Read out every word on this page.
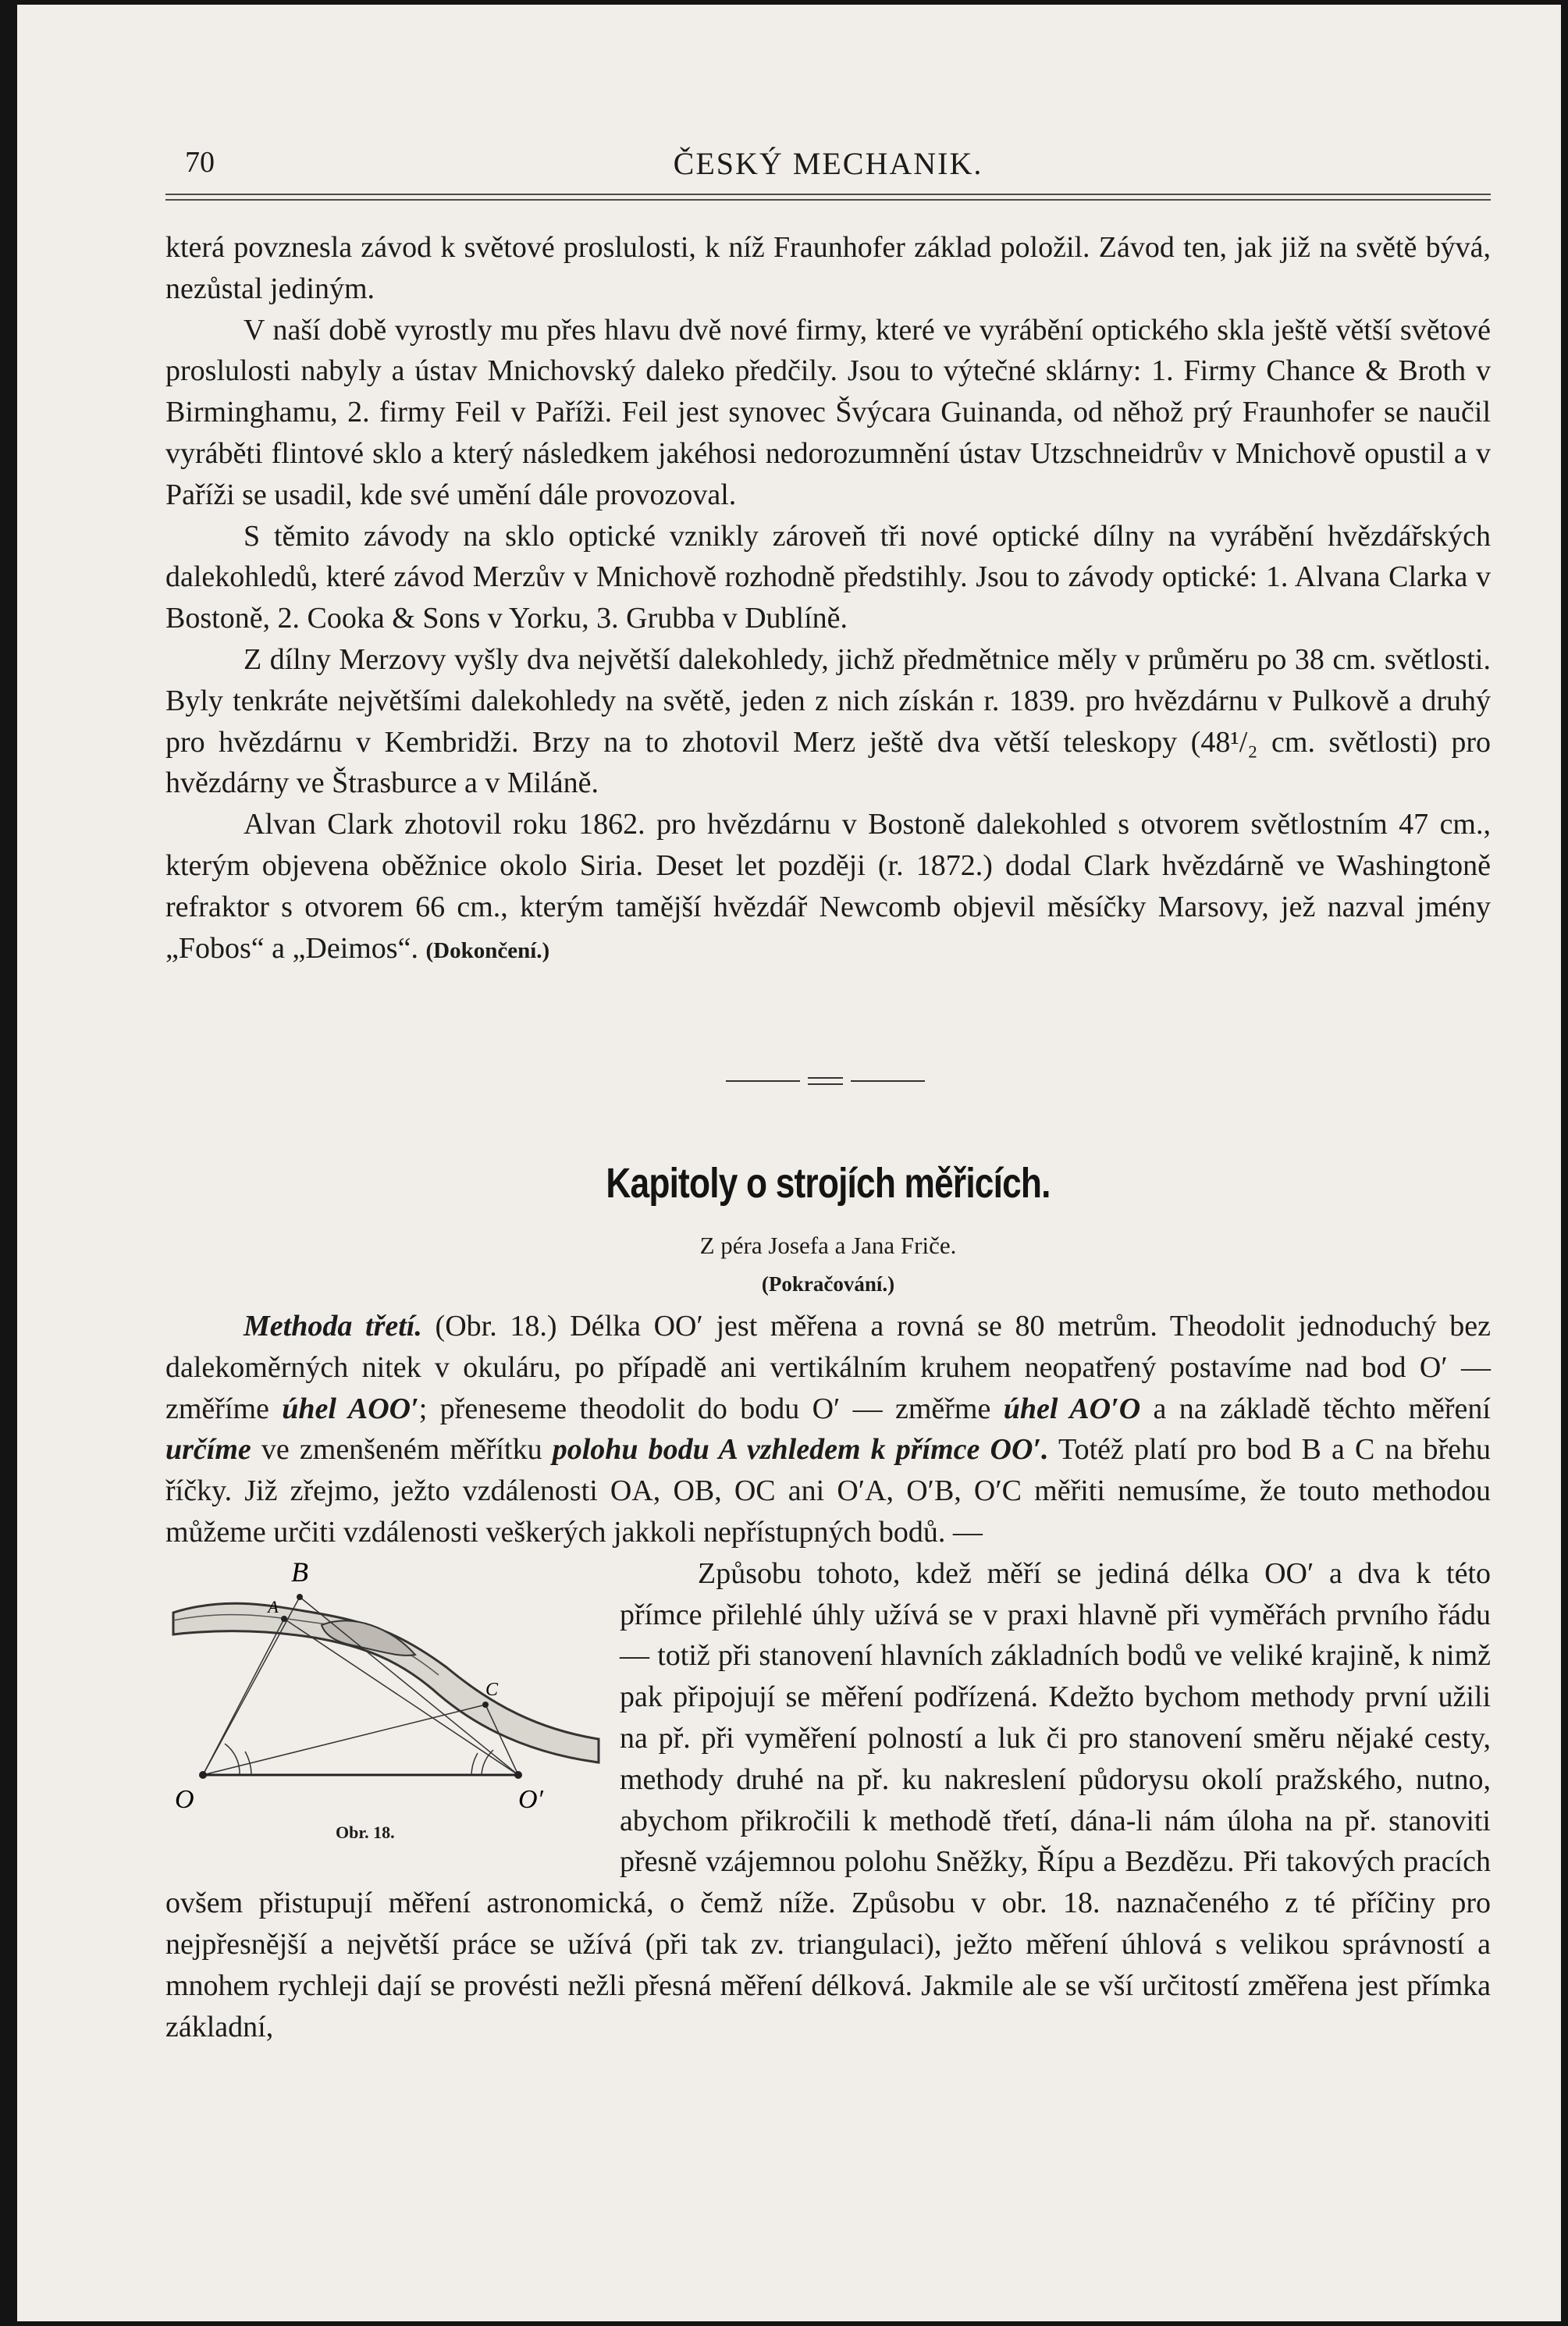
70	ČESKÝ MECHANIK.

která povznesla závod k světové proslulosti, k níž Fraunhofer základ položil. Závod ten, jak již na světě bývá, nezůstal jediným.

V naší době vyrostly mu přes hlavu dvě nové firmy, které ve vyrábění optického skla ještě větší světové proslulosti nabyly a ústav Mnichovský daleko předčily. Jsou to výtečné sklárny: 1. Firmy Chance & Broth v Birminghamu, 2. firmy Feil v Paříži. Feil jest synovec Švýcara Guinanda, od něhož prý Fraunhofer se naučil vyráběti flintové sklo a který následkem jakéhosi nedorozumnění ústav Utzschneidrův v Mnichově opustil a v Paříži se usadil, kde své umění dále provozoval.

S těmito závody na sklo optické vznikly zároveň tři nové optické dílny na vyrábění hvězdářských dalekohledů, které závod Merzův v Mnichově rozhodně předstihly. Jsou to závody optické: 1. Alvana Clarka v Bostoně, 2. Cooka & Sons v Yorku, 3. Grubba v Dublíně.

Z dílny Merzovy vyšly dva největší dalekohledy, jichž předmětnice měly v průměru po 38 cm. světlosti. Byly tenkráte největšími dalekohledy na světě, jeden z nich získán r. 1839. pro hvězdárnu v Pulkově a druhý pro hvězdárnu v Kembridži. Brzy na to zhotovil Merz ještě dva větší teleskopy (48¹/₂ cm. světlosti) pro hvězdárny ve Štrasburce a v Miláně.

Alvan Clark zhotovil roku 1862. pro hvězdárnu v Bostoně dalekohled s otvorem světlostním 47 cm., kterým objevena oběžnice okolo Siria. Deset let později (r. 1872.) dodal Clark hvězdárně ve Washingtoně refraktor s otvorem 66 cm., kterým tamější hvězdář Newcomb objevil měsíčky Marsovy, jež nazval jmény „Fobos“ a „Deimos“. (Dokončení.)

Kapitoly o strojích měřicích.
Z péra Josefa a Jana Friče.
(Pokračování.)

Methoda třetí. (Obr. 18.) Délka OO′ jest měřena a rovná se 80 metrům. Theodolit jednoduchý bez dalekoměrných nitek v okuláru, po případě ani vertikálním kruhem neopatřený postavíme nad bod O′ — změříme úhel AOO′; přeneseme theodolit do bodu O′ — změřme úhel AO′O a na základě těchto měření určíme ve zmenšeném měřítku polohu bodu A vzhledem k přímce OO′. Totéž platí pro bod B a C na břehu říčky. Již zřejmo, ježto vzdálenosti OA, OB, OC ani O′A, O′B, O′C měřiti nemusíme, že touto methodou můžeme určiti vzdálenosti veškerých jakkoli nepřístupných bodů. —

B
A
C
O	O′
Obr. 18.

Způsobu tohoto, kdež měří se jediná délka OO′ a dva k této přímce přilehlé úhly užívá se v praxi hlavně při vyměřách prvního řádu — totiž při stanovení hlavních základních bodů ve veliké krajině, k nimž pak připojují se měření podřízená. Kdežto bychom methody první užili na př. při vyměření polností a luk či pro stanovení směru nějaké cesty, methody druhé na př. ku nakreslení půdorysu okolí pražského, nutno, abychom přikročili k methodě třetí, dána-li nám úloha na př. stanoviti přesně vzájemnou polohu Sněžky, Řípu a Bezdězu. Při takových pracích ovšem přistupují měření astronomická, o čemž níže. Způsobu v obr. 18. naznačeného z té příčiny pro nejpřesnější a největší práce se užívá (při tak zv. triangulaci), ježto měření úhlová s velikou správností a mnohem rychleji dají se provésti nežli přesná měření délková. Jakmile ale se vší určitostí změřena jest přímka základní,
